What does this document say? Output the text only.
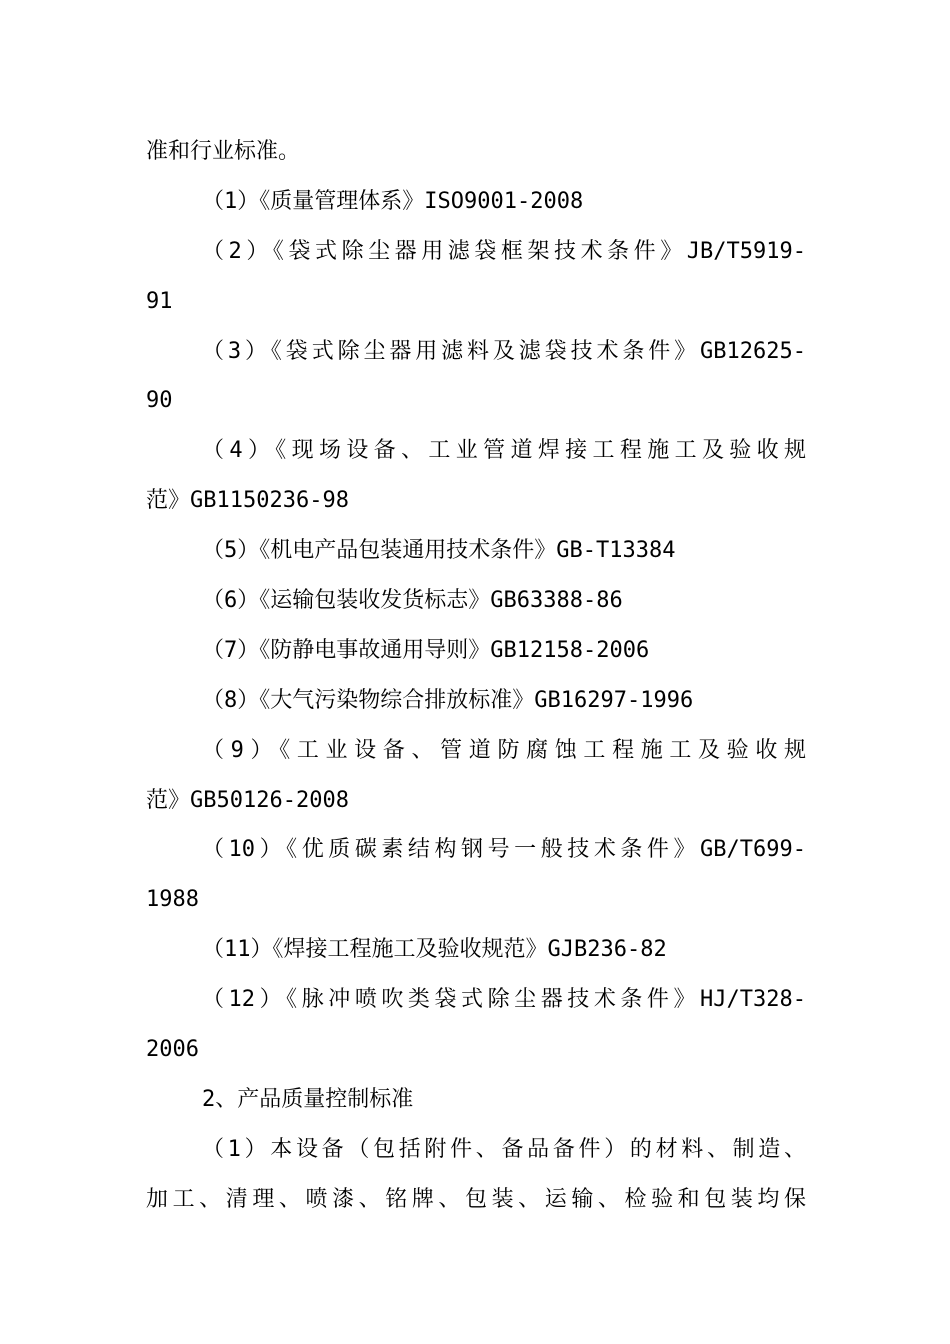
准和行业标准。
（1）《质量管理体系》ISO9001-2008
（2）《袋式除尘器用滤袋框架技术条件》JB/T5919-
91
（3）《袋式除尘器用滤料及滤袋技术条件》GB12625-
90
（4）《现场设备、工业管道焊接工程施工及验收规
范》GB1150236-98
（5）《机电产品包装通用技术条件》GB-T13384
（6）《运输包装收发货标志》GB63388-86
（7）《防静电事故通用导则》GB12158-2006
（8）《大气污染物综合排放标准》GB16297-1996
（9）《工业设备、管道防腐蚀工程施工及验收规
范》GB50126-2008
（10）《优质碳素结构钢号一般技术条件》GB/T699-
1988
（11）《焊接工程施工及验收规范》GJB236-82
（12）《脉冲喷吹类袋式除尘器技术条件》HJ/T328-
2006
2、产品质量控制标准
（1）本设备（包括附件、备品备件）的材料、制造、
加工、清理、喷漆、铭牌、包装、运输、检验和包装均保
